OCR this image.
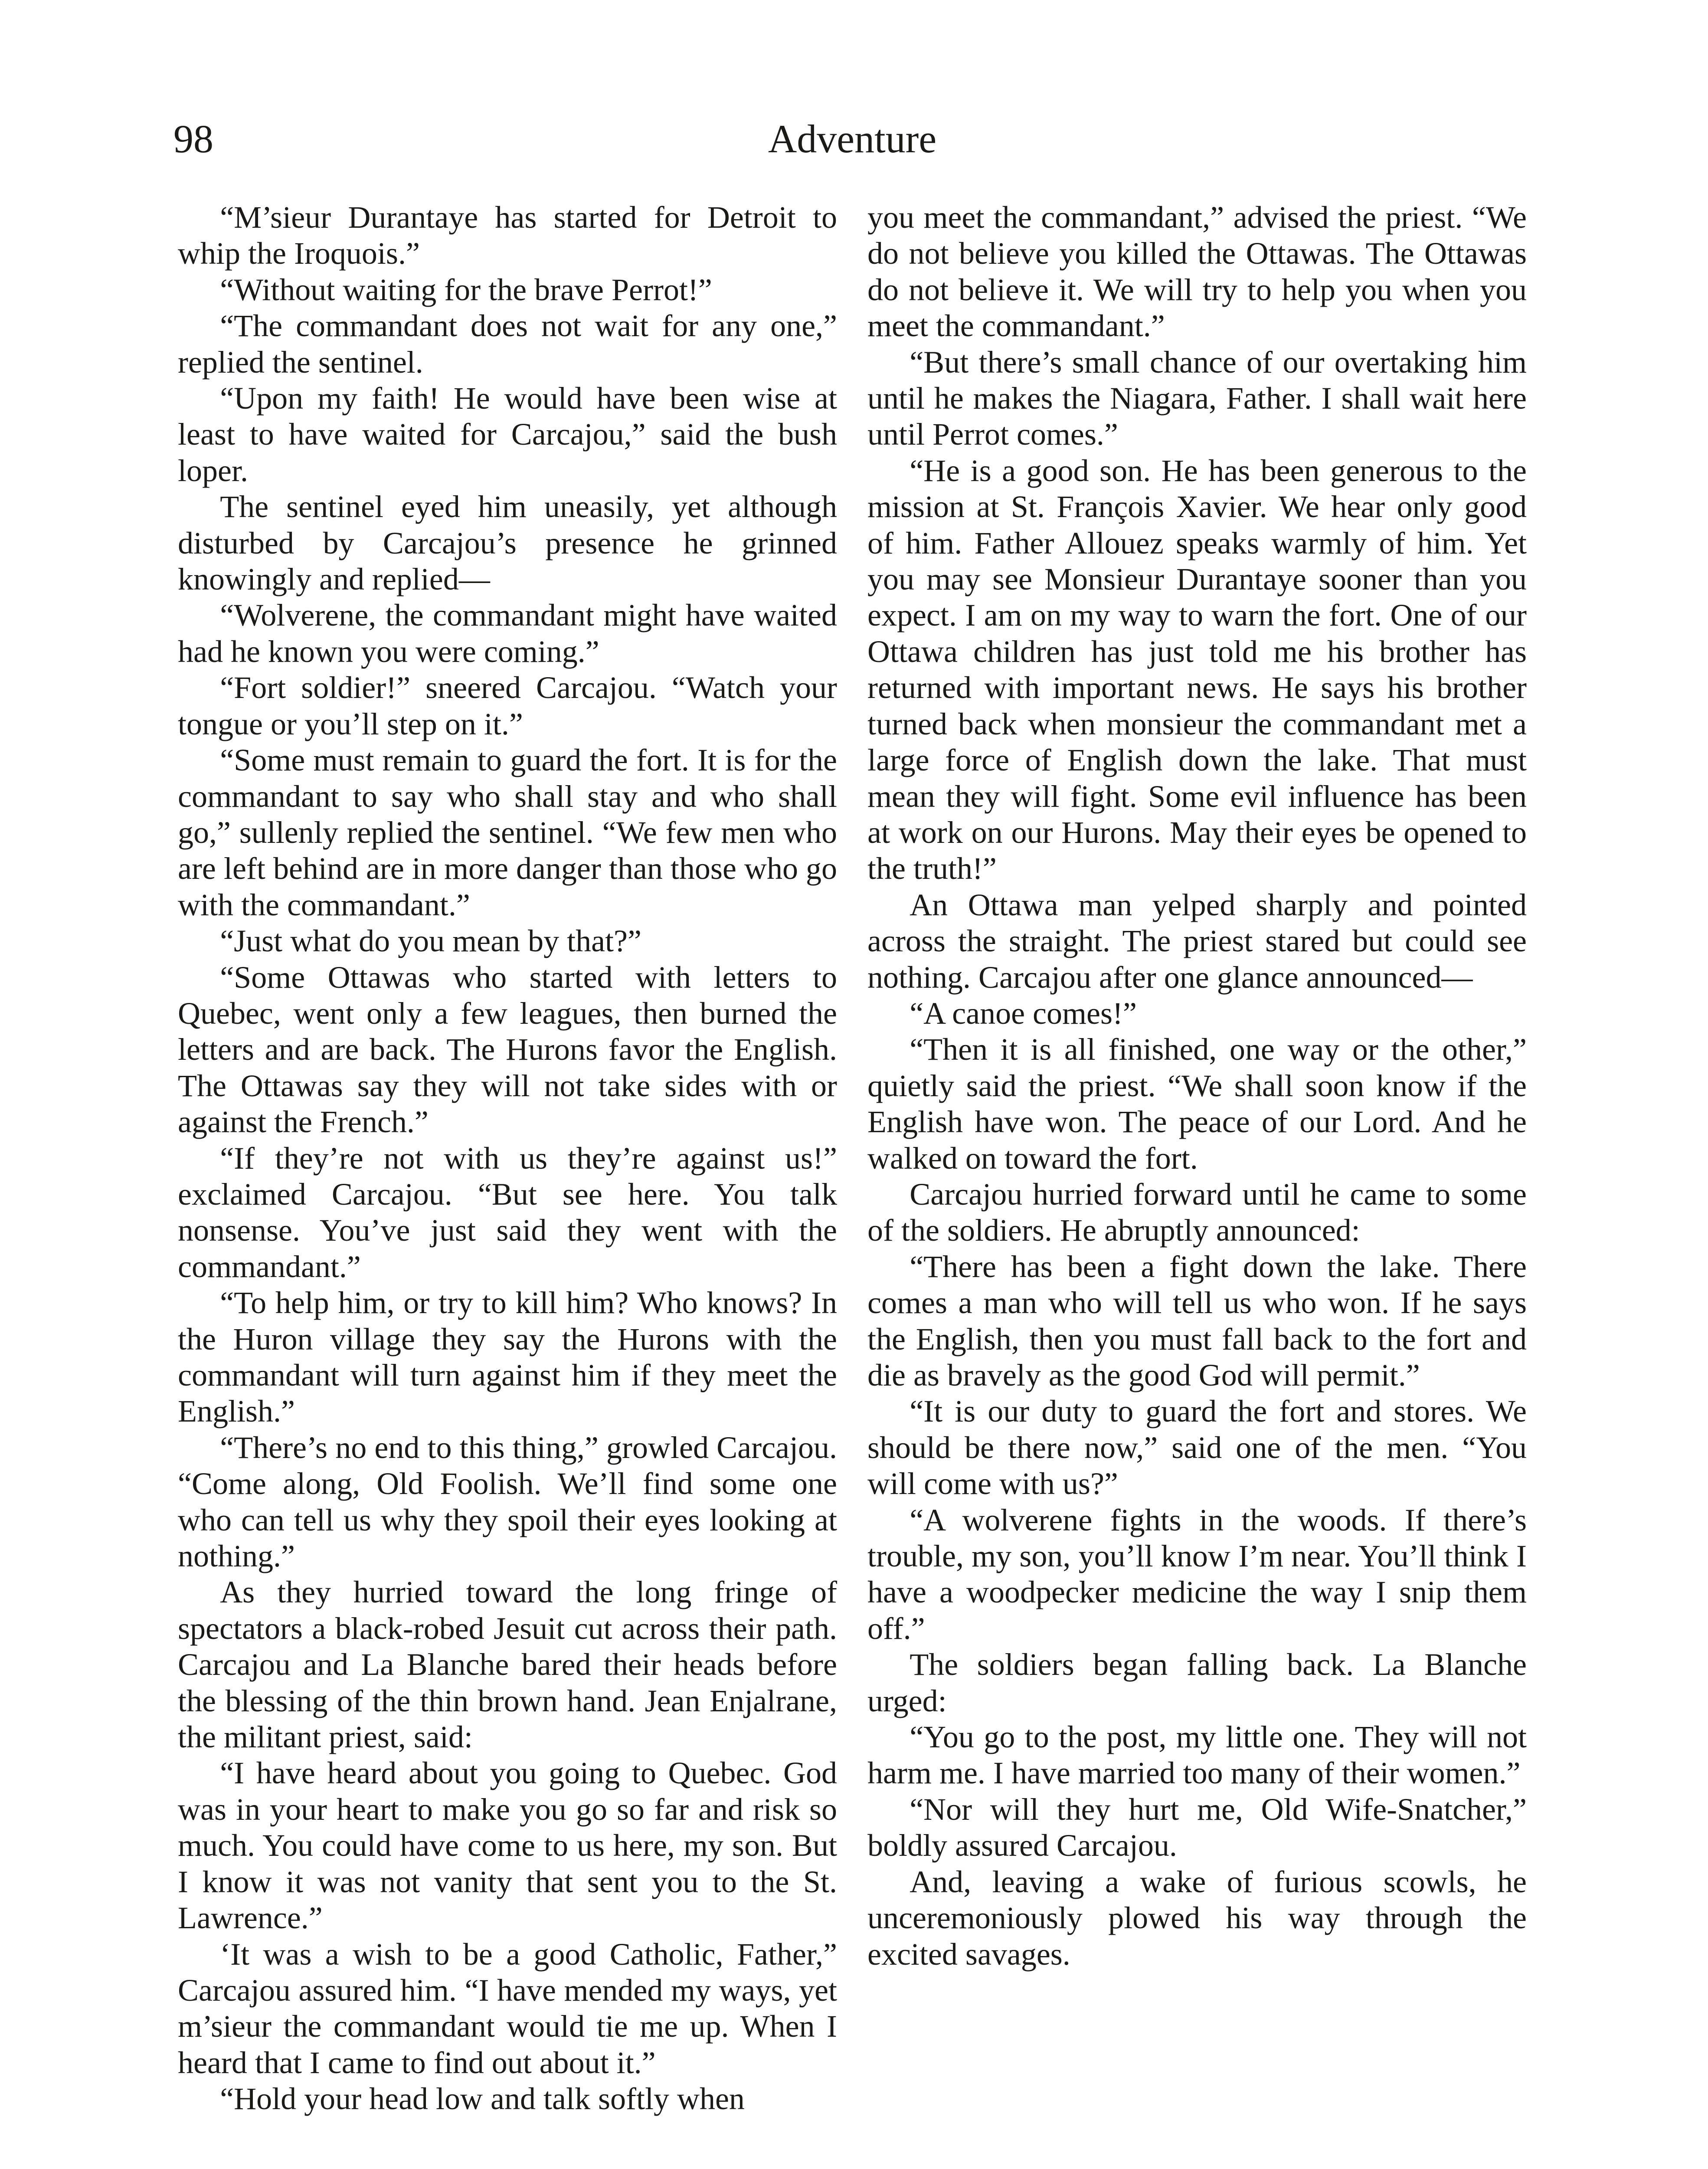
98	Adventure

“M’sieur Durantaye has started for Detroit to whip the Iroquois.”

“Without waiting for the brave Perrot!”

“The commandant does not wait for any one,” replied the sentinel.

“Upon my faith! He would have been wise at least to have waited for Carcajou,” said the bush loper.

The sentinel eyed him uneasily, yet although disturbed by Carcajou’s presence he grinned knowingly and replied—

“Wolverene, the commandant might have waited had he known you were coming.”

“Fort soldier!” sneered Carcajou. “Watch your tongue or you’ll step on it.”

“Some must remain to guard the fort. It is for the commandant to say who shall stay and who shall go,” sullenly replied the sentinel. “We few men who are left behind are in more danger than those who go with the commandant.”

“Just what do you mean by that?”

“Some Ottawas who started with letters to Quebec, went only a few leagues, then burned the letters and are back. The Hurons favor the English. The Ottawas say they will not take sides with or against the French.”

“If they’re not with us they’re against us!” exclaimed Carcajou. “But see here. You talk nonsense. You’ve just said they went with the commandant.”

“To help him, or try to kill him? Who knows? In the Huron village they say the Hurons with the commandant will turn against him if they meet the English.”

“There’s no end to this thing,” growled Carcajou. “Come along, Old Foolish. We’ll find some one who can tell us why they spoil their eyes looking at nothing.”

As they hurried toward the long fringe of spectators a black-robed Jesuit cut across their path. Carcajou and La Blanche bared their heads before the blessing of the thin brown hand. Jean Enjalrane, the militant priest, said:

“I have heard about you going to Quebec. God was in your heart to make you go so far and risk so much. You could have come to us here, my son. But I know it was not vanity that sent you to the St. Lawrence.”

‘It was a wish to be a good Catholic, Father,” Carcajou assured him. “I have mended my ways, yet m’sieur the commandant would tie me up. When I heard that I came to find out about it.”

“Hold your head low and talk softly when

you meet the commandant,” advised the priest. “We do not believe you killed the Ottawas. The Ottawas do not believe it. We will try to help you when you meet the commandant.”

“But there’s small chance of our overtaking him until he makes the Niagara, Father. I shall wait here until Perrot comes.”

“He is a good son. He has been generous to the mission at St. François Xavier. We hear only good of him. Father Allouez speaks warmly of him. Yet you may see Monsieur Durantaye sooner than you expect. I am on my way to warn the fort. One of our Ottawa children has just told me his brother has returned with important news. He says his brother turned back when monsieur the commandant met a large force of English down the lake. That must mean they will fight. Some evil influence has been at work on our Hurons. May their eyes be opened to the truth!”

An Ottawa man yelped sharply and pointed across the straight. The priest stared but could see nothing. Carcajou after one glance announced—

“A canoe comes!”

“Then it is all finished, one way or the other,” quietly said the priest. “We shall soon know if the English have won. The peace of our Lord. And he walked on toward the fort.

Carcajou hurried forward until he came to some of the soldiers. He abruptly announced:

“There has been a fight down the lake. There comes a man who will tell us who won. If he says the English, then you must fall back to the fort and die as bravely as the good God will permit.”

“It is our duty to guard the fort and stores. We should be there now,” said one of the men. “You will come with us?”

“A wolverene fights in the woods. If there’s trouble, my son, you’ll know I’m near. You’ll think I have a woodpecker medicine the way I snip them off.”

The soldiers began falling back. La Blanche urged:

“You go to the post, my little one. They will not harm me. I have married too many of their women.”

“Nor will they hurt me, Old Wife-Snatcher,” boldly assured Carcajou.

And, leaving a wake of furious scowls, he unceremoniously plowed his way through the excited savages.
